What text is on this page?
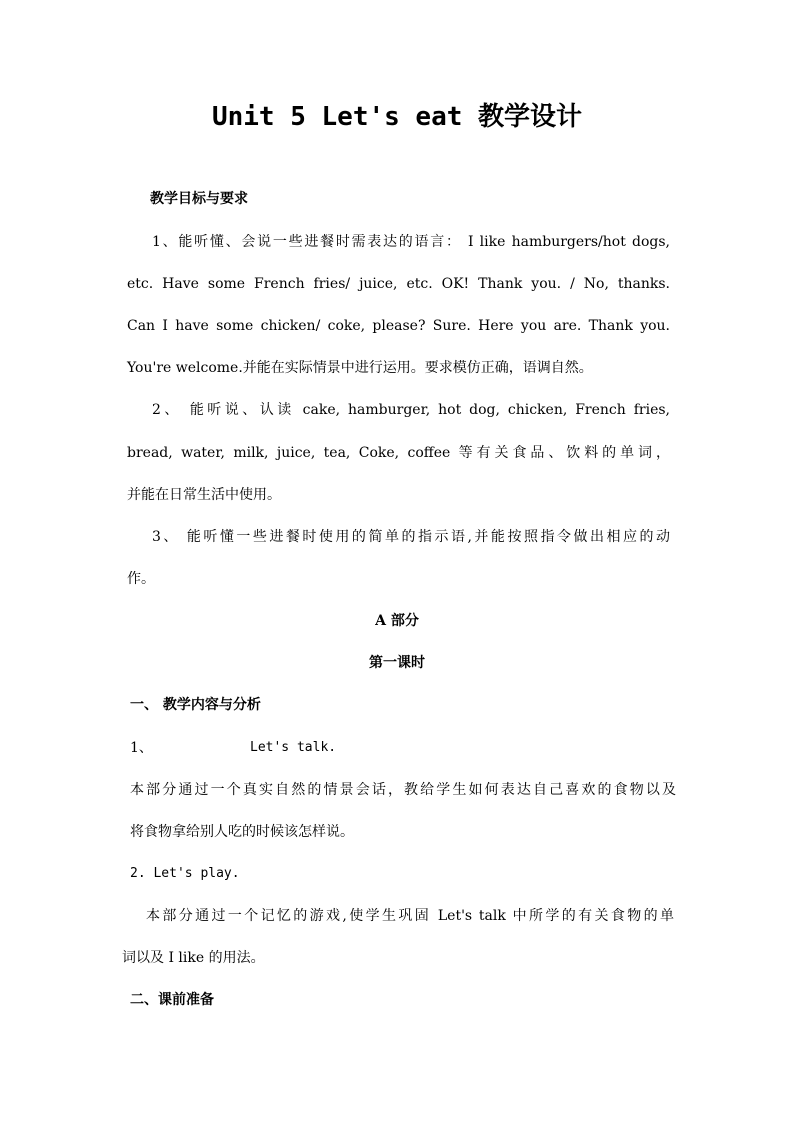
Unit 5 Let's eat 教学设计
教学目标与要求
1、能听懂、会说一些进餐时需表达的语言： I like hamburgers/hot dogs,
etc. Have some French fries/ juice, etc. OK! Thank you. / No, thanks.
Can I have some chicken/ coke, please? Sure. Here you are. Thank you.
You're welcome.并能在实际情景中进行运用。要求模仿正确，语调自然。
2、 能听说、认读 cake, hamburger, hot dog, chicken, French fries,
bread, water, milk, juice, tea, Coke, coffee 等有关食品、饮料的单词，
并能在日常生活中使用。
3、 能听懂一些进餐时使用的简单的指示语,并能按照指令做出相应的动
作。
A 部分
第一课时
一、 教学内容与分析
1、	Let's talk.
本部分通过一个真实自然的情景会话，教给学生如何表达自己喜欢的食物以及
将食物拿给别人吃的时候该怎样说。
2. Let's play.
本部分通过一个记忆的游戏,使学生巩固 Let's talk 中所学的有关食物的单
词以及 I like 的用法。
二、课前准备
